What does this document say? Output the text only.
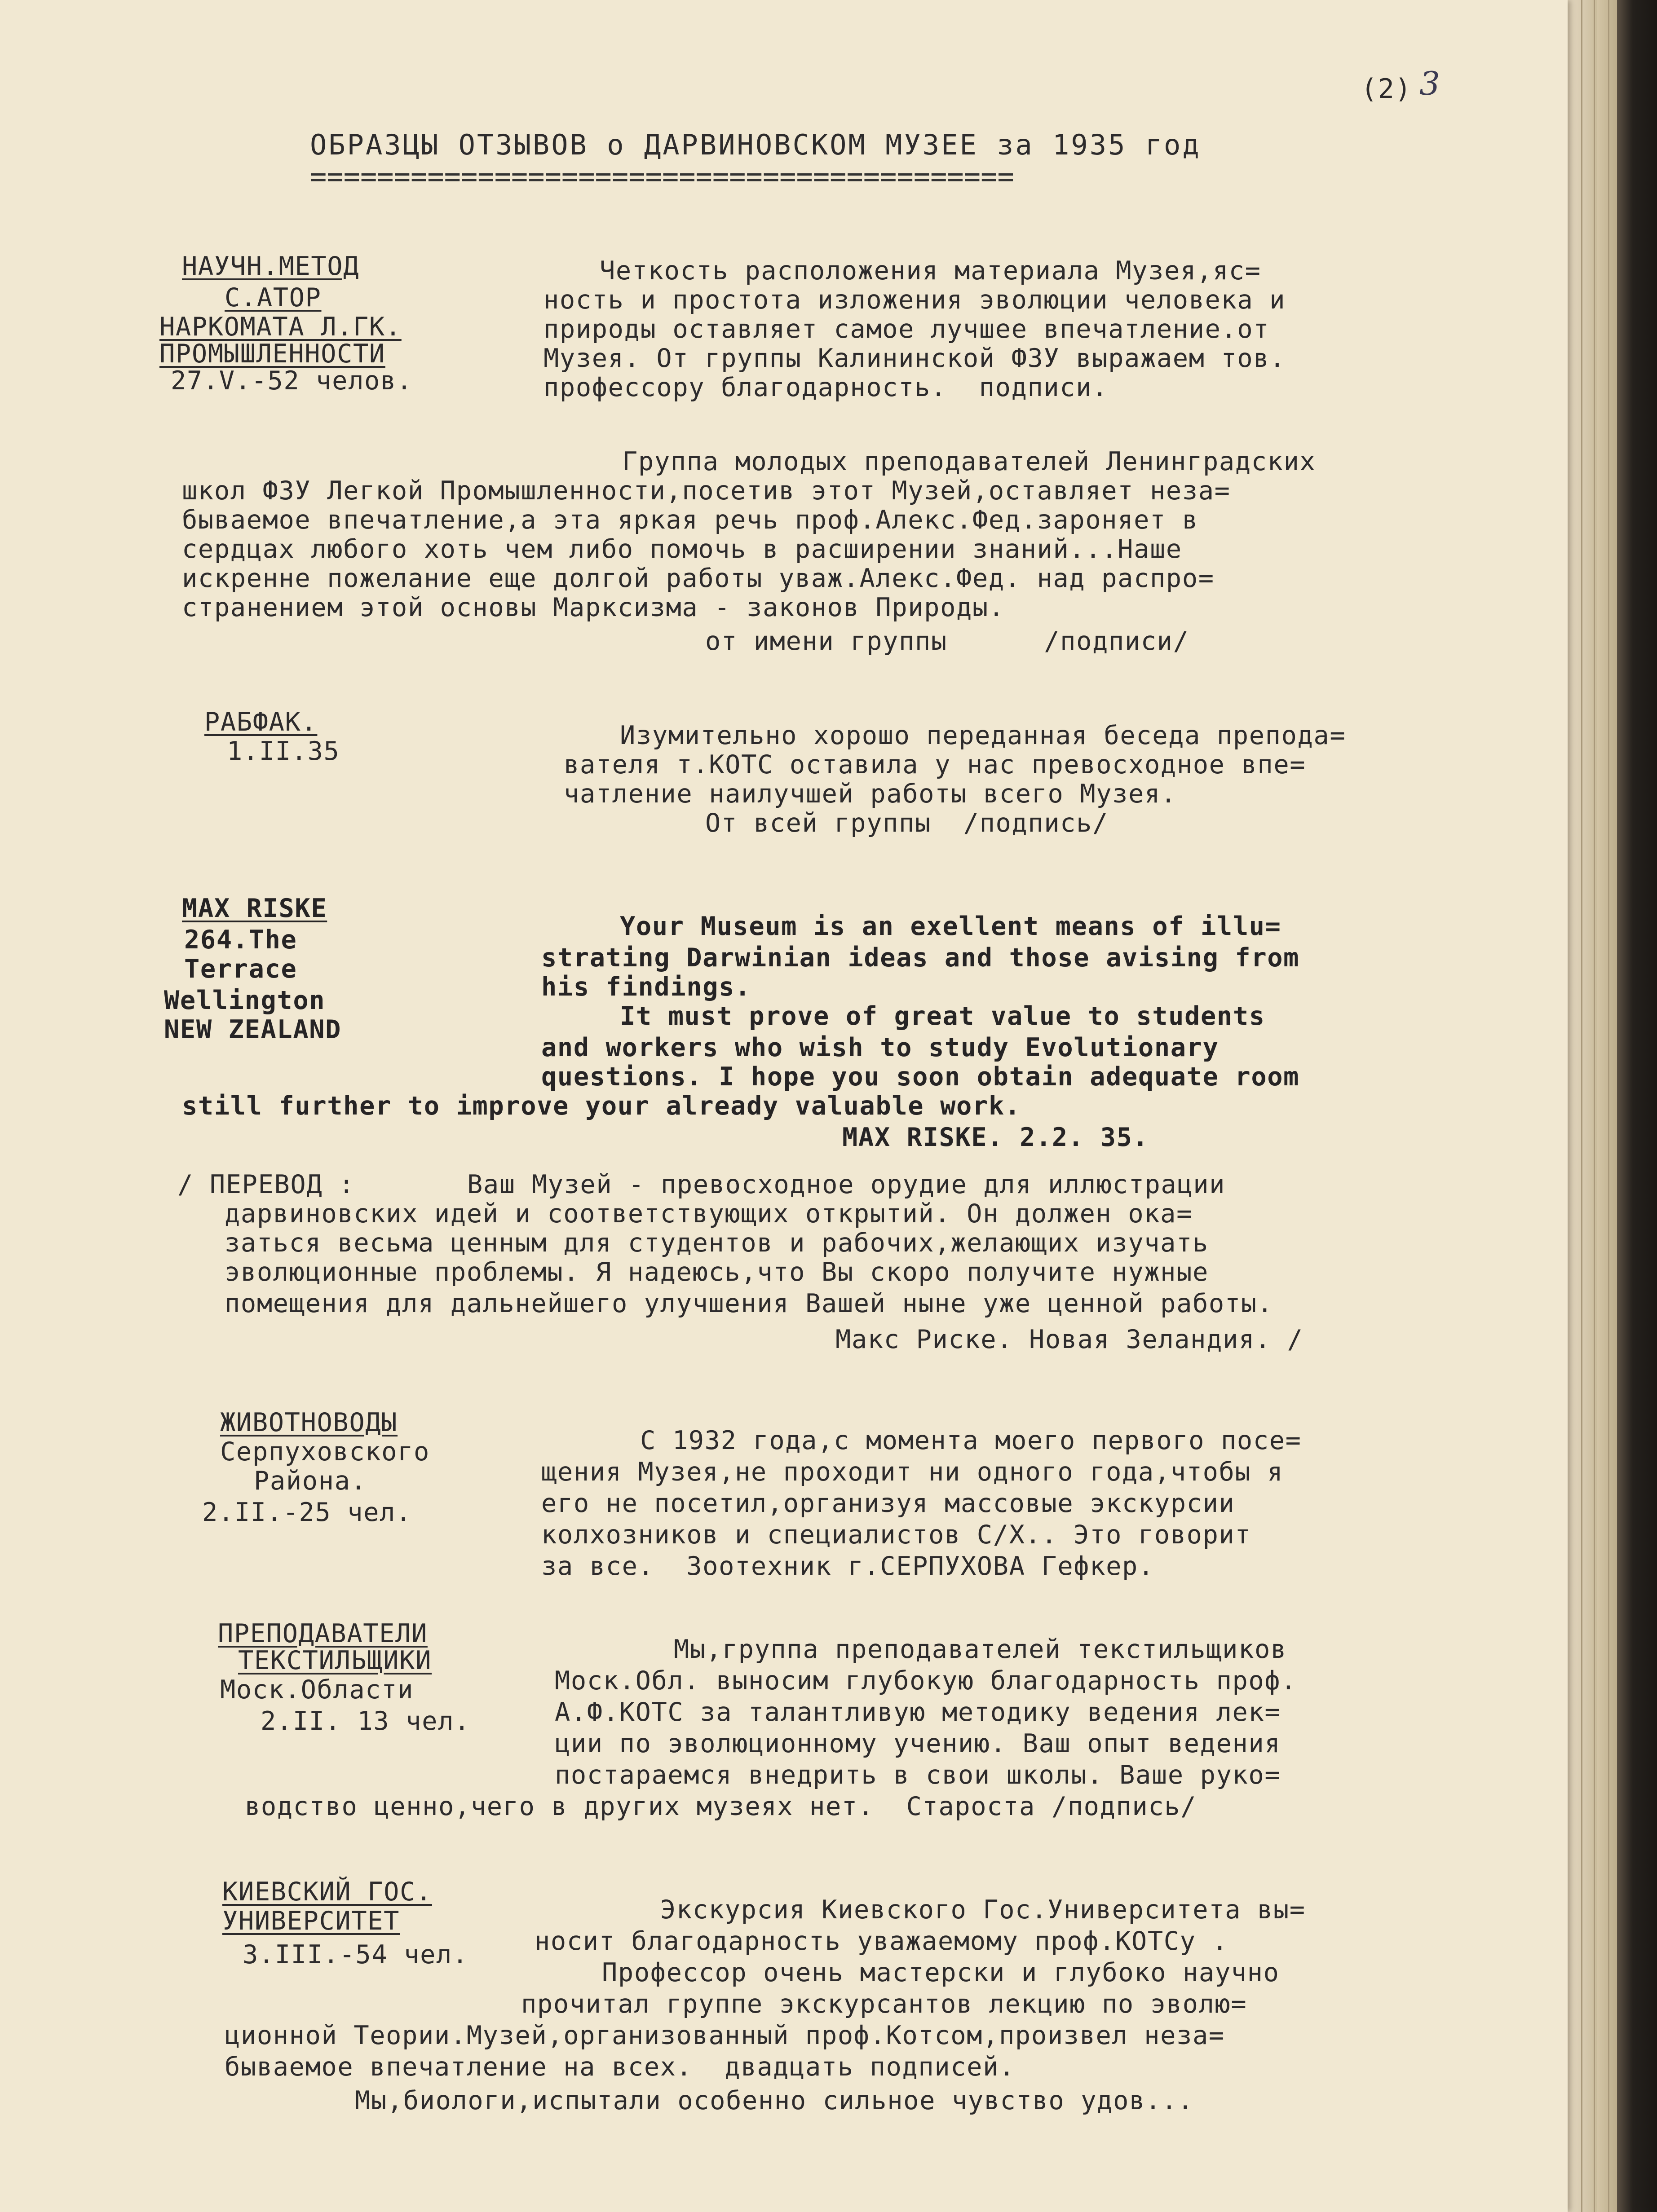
(2) 3
ОБРАЗЦЫ ОТЗЫВОВ о ДАРВИНОВСКОМ МУЗЕЕ за 1935 год
==========================================
НАУЧН.МЕТОД
С.АТОР
НАРКОМАТА Л.ГК.
ПРОМЫШЛЕННОСТИ
27.V.-52 челов.
Четкость расположения материала Музея,яс=
ность и простота изложения эволюции человека и
природы оставляет самое лучшее впечатление.от
Музея. От группы Калининской ФЗУ выражаем тов.
профессору благодарность.  подписи.
Группа молодых преподавателей Ленинградских
школ ФЗУ Легкой Промышленности,посетив этот Музей,оставляет неза=
бываемое впечатление,а эта яркая речь проф.Алекс.Фед.зароняет в
сердцах любого хоть чем либо помочь в расширении знаний...Наше
искренне пожелание еще долгой работы уваж.Алекс.Фед. над распро=
странением этой основы Марксизма - законов Природы.
от имени группы      /подписи/
РАБФАК.
1.II.35
Изумительно хорошо переданная беседа препода=
вателя т.КОТС оставила у нас превосходное впе=
чатление наилучшей работы всего Музея.
От всей группы  /подпись/
MAX RISKE
264.The
Terrace
Wellington
NEW ZEALAND
Your Museum is an exellent means of illu=
strating Darwinian ideas and those avising from
his findings.
It must prove of great value to students
and workers who wish to study Evolutionary
questions. I hope you soon obtain adequate room
still further to improve your already valuable work.
MAX RISKE. 2.2. 35.
/ ПЕРЕВОД :	Ваш Музей - превосходное орудие для иллюстрации
дарвиновских идей и соответствующих открытий. Он должен ока=
заться весьма ценным для студентов и рабочих,желающих изучать
эволюционные проблемы. Я надеюсь,что Вы скоро получите нужные
помещения для дальнейшего улучшения Вашей ныне уже ценной работы.
Макс Риске. Новая Зеландия. /
ЖИВОТНОВОДЫ
Серпуховского
Района.
2.II.-25 чел.
С 1932 года,с момента моего первого посе=
щения Музея,не проходит ни одного года,чтобы я
его не посетил,организуя массовые экскурсии
колхозников и специалистов С/Х.. Это говорит
за все.  Зоотехник г.СЕРПУХОВА Гефкер.
ПРЕПОДАВАТЕЛИ
ТЕКСТИЛЬЩИКИ
Моск.Области
2.II. 13 чел.
Мы,группа преподавателей текстильщиков
Моск.Обл. выносим глубокую благодарность проф.
А.Ф.КОТС за талантливую методику ведения лек=
ции по эволюционному учению. Ваш опыт ведения
постараемся внедрить в свои школы. Ваше руко=
водство ценно,чего в других музеях нет.  Староста /подпись/
КИЕВСКИЙ ГОС.
УНИВЕРСИТЕТ
3.III.-54 чел.
Экскурсия Киевского Гос.Университета вы=
носит благодарность уважаемому проф.КОТСу .
Профессор очень мастерски и глубоко научно
прочитал группе экскурсантов лекцию по эволю=
ционной Теории.Музей,организованный проф.Котсом,произвел неза=
бываемое впечатление на всех.  двадцать подписей.
Мы,биологи,испытали особенно сильное чувство удов...
